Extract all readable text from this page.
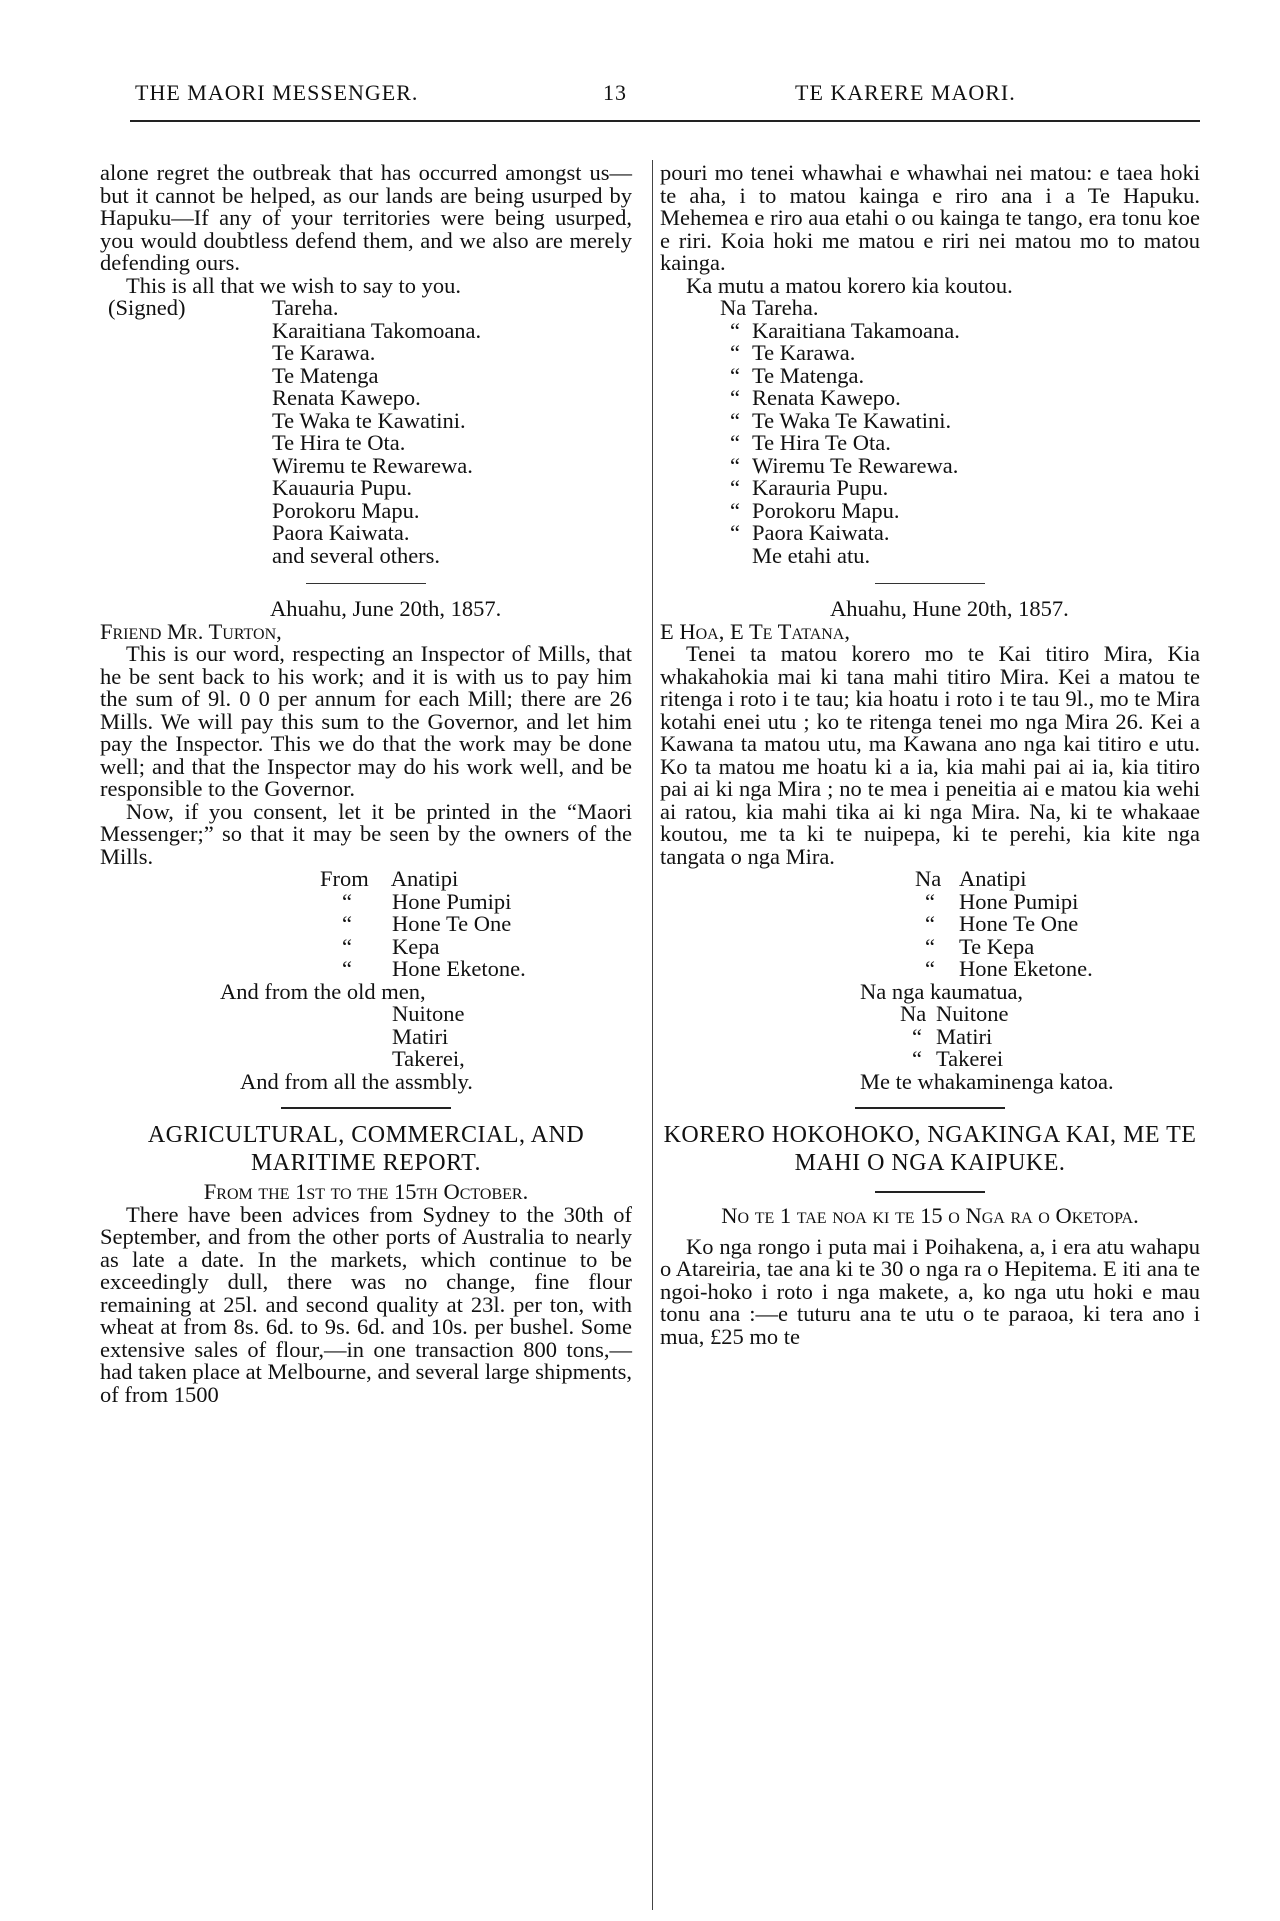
THE MAORI MESSENGER.	13	TE KARERE MAORI.

alone regret the outbreak that has occurred amongst us—but it cannot be helped, as our lands are being usurped by Hapuku—If any of your territories were being usurped, you would doubtless defend them, and we also are merely defending ours.

This is all that we wish to say to you.

(Signed)	Tareha.
Karaitiana Takomoana.
Te Karawa.
Te Matenga
Renata Kawepo.
Te Waka te Kawatini.
Te Hira te Ota.
Wiremu te Rewarewa.
Kauauria Pupu.
Porokoru Mapu.
Paora Kaiwata.
and several others.
Ahuahu, June 20th, 1857.
Friend Mr. Turton,

This is our word, respecting an Inspector of Mills, that he be sent back to his work; and it is with us to pay him the sum of 9l. 0 0 per annum for each Mill; there are 26 Mills. We will pay this sum to the Governor, and let him pay the Inspector. This we do that the work may be done well; and that the Inspector may do his work well, and be responsible to the Governor.

Now, if you consent, let it be printed in the “Maori Messenger;” so that it may be seen by the owners of the Mills.

From Anatipi
“ Hone Pumipi
“ Hone Te One
“ Kepa
“ Hone Eketone.
And from the old men,
Nuitone
Matiri
Takerei,
And from all the assmbly.
AGRICULTURAL, COMMERCIAL, AND MARITIME REPORT.
From the 1st to the 15th October.

There have been advices from Sydney to the 30th of September, and from the other ports of Australia to nearly as late a date. In the markets, which continue to be exceedingly dull, there was no change, fine flour remaining at 25l. and second quality at 23l. per ton, with wheat at from 8s. 6d. to 9s. 6d. and 10s. per bushel. Some extensive sales of flour,—in one transaction 800 tons,— had taken place at Melbourne, and several large shipments, of from 1500

pouri mo tenei whawhai e whawhai nei matou: e taea hoki te aha, i to matou kainga e riro ana i a Te Hapuku. Mehemea e riro aua etahi o ou kainga te tango, era tonu koe e riri. Koia hoki me matou e riri nei matou mo to matou kainga.

Ka mutu a matou korero kia koutou.

Na Tareha.
“ Karaitiana Takamoana.
“ Te Karawa.
“ Te Matenga.
“ Renata Kawepo.
“ Te Waka Te Kawatini.
“ Te Hira Te Ota.
“ Wiremu Te Rewarewa.
“ Karauria Pupu.
“ Porokoru Mapu.
“ Paora Kaiwata.
Me etahi atu.
Ahuahu, Hune 20th, 1857.
E Hoa, E Te Tatana,

Tenei ta matou korero mo te Kai titiro Mira, Kia whakahokia mai ki tana mahi titiro Mira. Kei a matou te ritenga i roto i te tau; kia hoatu i roto i te tau 9l., mo te Mira kotahi enei utu ; ko te ritenga tenei mo nga Mira 26. Kei a Kawana ta matou utu, ma Kawana ano nga kai titiro e utu. Ko ta matou me hoatu ki a ia, kia mahi pai ai ia, kia titiro pai ai ki nga Mira ; no te mea i peneitia ai e matou kia wehi ai ratou, kia mahi tika ai ki nga Mira. Na, ki te whakaae koutou, me ta ki te nuipepa, ki te perehi, kia kite nga tangata o nga Mira.

Na Anatipi
“ Hone Pumipi
“ Hone Te One
“ Te Kepa
“ Hone Eketone.
Na nga kaumatua,
Na Nuitone
“ Matiri
“ Takerei
Me te whakaminenga katoa.
KORERO HOKOHOKO, NGAKINGA KAI, ME TE MAHI O NGA KAIPUKE.
No te 1 tae noa ki te 15 o Nga ra o Oketopa.

Ko nga rongo i puta mai i Poihakena, a, i era atu wahapu o Atareiria, tae ana ki te 30 o nga ra o Hepitema. E iti ana te ngoi-hoko i roto i nga makete, a, ko nga utu hoki e mau tonu ana :—e tuturu ana te utu o te paraoa, ki tera ano i mua, £25 mo te
